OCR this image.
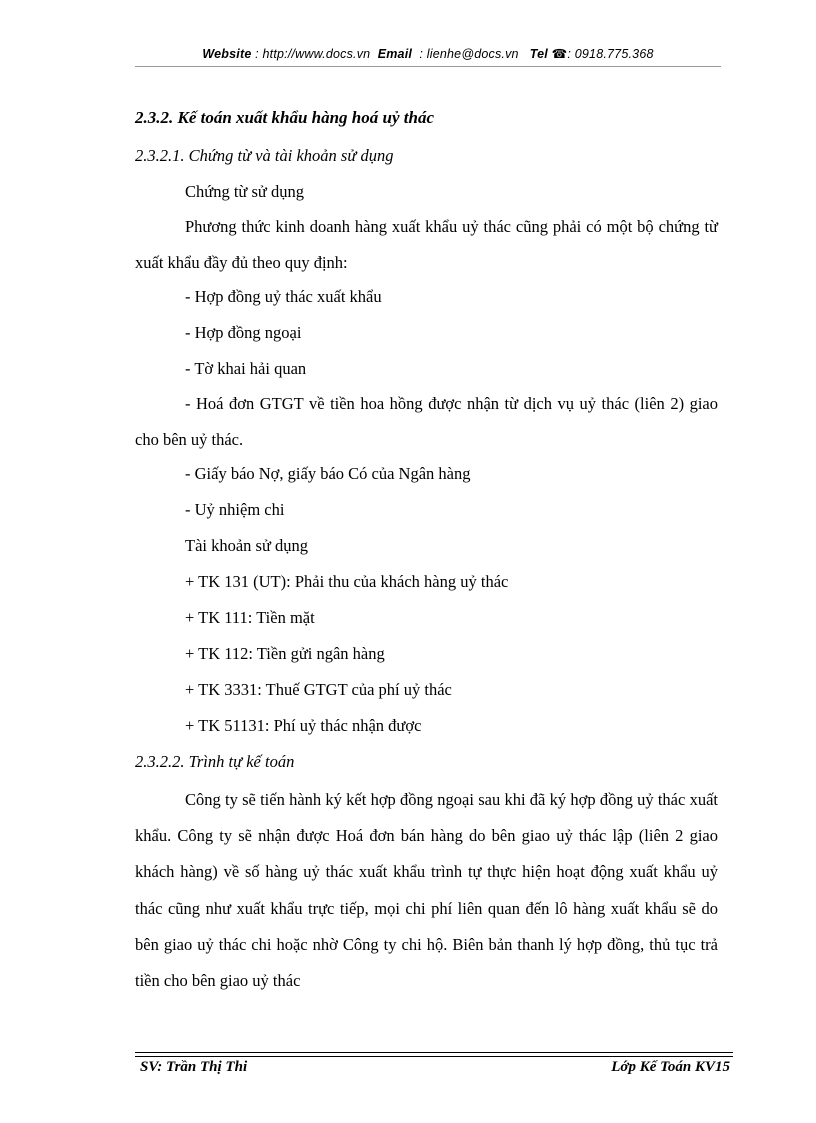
Website : http://www.docs.vn Email : lienhe@docs.vn Tel ☎: 0918.775.368
2.3.2. Kế toán xuất khẩu hàng hoá uỷ thác
2.3.2.1. Chứng từ và tài khoản sử dụng
Chứng từ sử dụng
Phương thức kinh doanh hàng xuất khẩu uỷ thác cũng phải có một bộ chứng từ xuất khẩu đầy đủ theo quy định:
- Hợp đồng uỷ thác xuất khẩu
- Hợp đồng ngoại
- Tờ khai hải quan
- Hoá đơn GTGT về tiền hoa hồng được nhận từ dịch vụ uỷ thác (liên 2) giao cho bên uỷ thác.
- Giấy báo Nợ, giấy báo Có của Ngân hàng
- Uỷ nhiệm chi
Tài khoản sử dụng
+ TK 131 (UT): Phải thu của khách hàng uỷ thác
+ TK 111: Tiền mặt
+ TK 112: Tiền gửi ngân hàng
+ TK 3331: Thuế GTGT của phí uỷ thác
+ TK 51131: Phí uỷ thác nhận được
2.3.2.2. Trình tự kế toán
Công ty sẽ tiến hành ký kết hợp đồng ngoại sau khi đã ký hợp đồng uỷ thác xuất khẩu. Công ty sẽ nhận được Hoá đơn bán hàng do bên giao uỷ thác lập (liên 2 giao khách hàng) về số hàng uỷ thác xuất khẩu trình tự thực hiện hoạt động xuất khẩu uỷ thác cũng như xuất khẩu trực tiếp, mọi chi phí liên quan đến lô hàng xuất khẩu sẽ do bên giao uỷ thác chi hoặc nhờ Công ty chi hộ. Biên bản thanh lý hợp đồng, thủ tục trả tiền cho bên giao uỷ thác
SV: Trần Thị Thi	Lớp Kế Toán KV15
